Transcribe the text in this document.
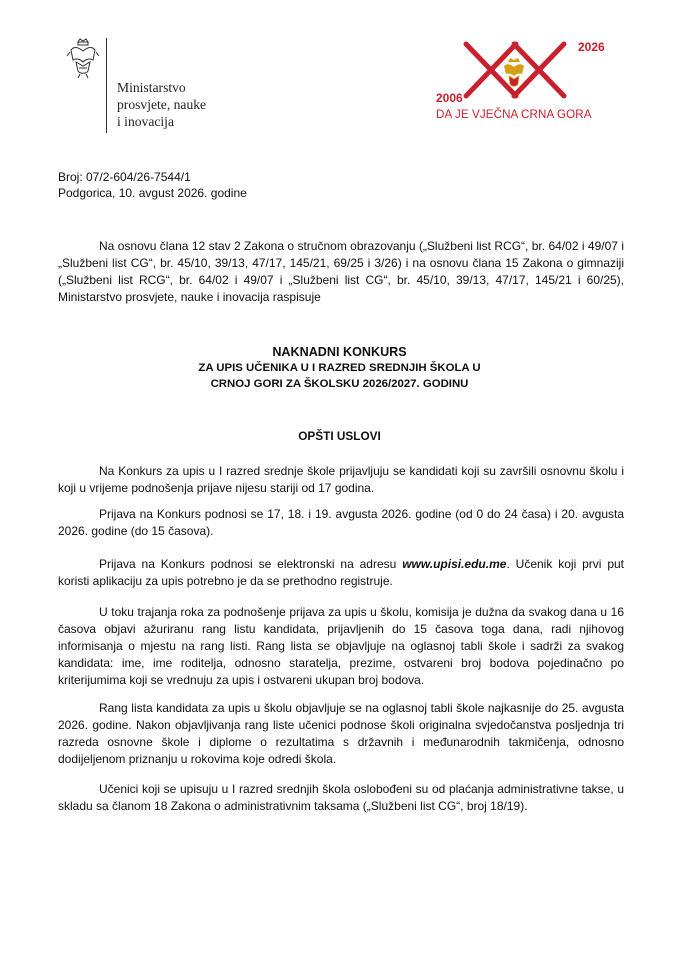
Ministarstvo
prosvjete, nauke
i inovacija
2026
2006
DA JE VJEČNA CRNA GORA
Broj: 07/2-604/26-7544/1
Podgorica, 10. avgust 2026. godine
Na osnovu člana 12 stav 2 Zakona o stručnom obrazovanju („Službeni list RCG“, br. 64/02 i 49/07 i „Službeni list CG“, br. 45/10, 39/13, 47/17, 145/21, 69/25 i 3/26) i na osnovu člana 15 Zakona o gimnaziji („Službeni list RCG“, br. 64/02 i 49/07 i „Službeni list CG“, br. 45/10, 39/13, 47/17, 145/21 i 60/25), Ministarstvo prosvjete, nauke i inovacija raspisuje
NAKNADNI KONKURS
ZA UPIS UČENIKA U I RAZRED SREDNJIH ŠKOLA U
CRNOJ GORI ZA ŠKOLSKU 2026/2027. GODINU
OPŠTI USLOVI
Na Konkurs za upis u I razred srednje škole prijavljuju se kandidati koji su završili osnovnu školu i koji u vrijeme podnošenja prijave nijesu stariji od 17 godina.
Prijava na Konkurs podnosi se 17, 18. i 19. avgusta 2026. godine (od 0 do 24 časa) i 20. avgusta 2026. godine (do 15 časova).
Prijava na Konkurs podnosi se elektronski na adresu www.upisi.edu.me. Učenik koji prvi put koristi aplikaciju za upis potrebno je da se prethodno registruje.
U toku trajanja roka za podnošenje prijava za upis u školu, komisija je dužna da svakog dana u 16 časova objavi ažuriranu rang listu kandidata, prijavljenih do 15 časova toga dana, radi njihovog informisanja o mjestu na rang listi. Rang lista se objavljuje na oglasnoj tabli škole i sadrži za svakog kandidata: ime, ime roditelja, odnosno staratelja, prezime, ostvareni broj bodova pojedinačno po kriterijumima koji se vrednuju za upis i ostvareni ukupan broj bodova.
Rang lista kandidata za upis u školu objavljuje se na oglasnoj tabli škole najkasnije do 25. avgusta 2026. godine. Nakon objavljivanja rang liste učenici podnose školi originalna svjedočanstva posljednja tri razreda osnovne škole i diplome o rezultatima s državnih i međunarodnih takmičenja, odnosno dodijeljenom priznanju u rokovima koje odredi škola.
Učenici koji se upisuju u I razred srednjih škola oslobođeni su od plaćanja administrativne takse, u skladu sa članom 18 Zakona o administrativnim taksama („Službeni list CG“, broj 18/19).
